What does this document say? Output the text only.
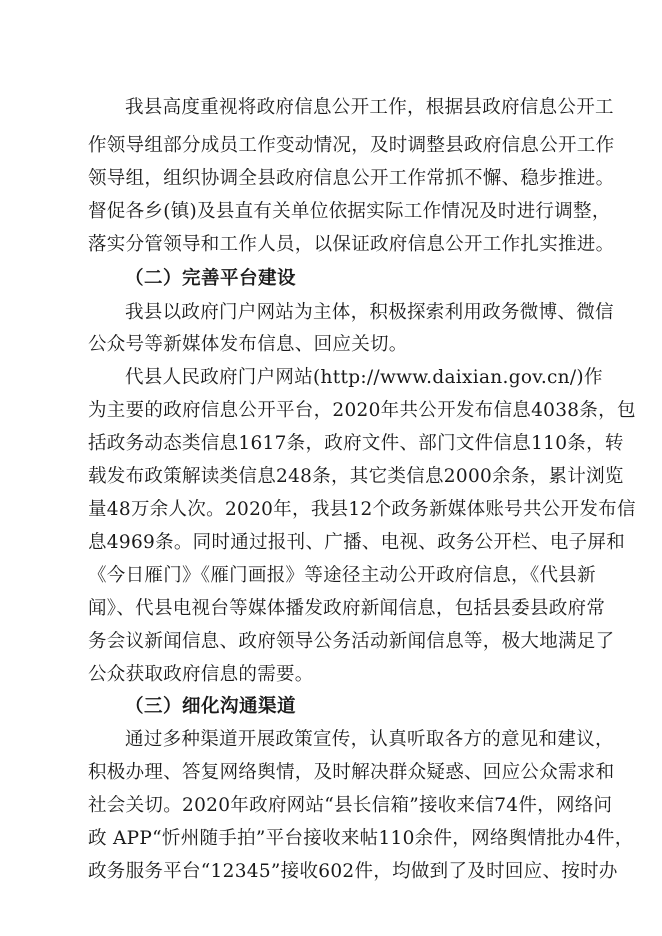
我县高度重视将政府信息公开工作，根据县政府信息公开工
作领导组部分成员工作变动情况，及时调整县政府信息公开工作
领导组，组织协调全县政府信息公开工作常抓不懈、稳步推进。
督促各乡(镇)及县直有关单位依据实际工作情况及时进行调整，
落实分管领导和工作人员，以保证政府信息公开工作扎实推进。
（二）完善平台建设
我县以政府门户网站为主体，积极探索利用政务微博、微信
公众号等新媒体发布信息、回应关切。
代县人民政府门户网站(http://www.daixian.gov.cn/)作
为主要的政府信息公开平台，2020年共公开发布信息4038条，包
括政务动态类信息1617条，政府文件、部门文件信息110条，转
载发布政策解读类信息248条，其它类信息2000余条，累计浏览
量48万余人次。2020年，我县12个政务新媒体账号共公开发布信
息4969条。同时通过报刊、广播、电视、政务公开栏、电子屏和
《今日雁门》《雁门画报》等途径主动公开政府信息，《代县新
闻》、代县电视台等媒体播发政府新闻信息，包括县委县政府常
务会议新闻信息、政府领导公务活动新闻信息等，极大地满足了
公众获取政府信息的需要。
（三）细化沟通渠道
通过多种渠道开展政策宣传，认真听取各方的意见和建议，
积极办理、答复网络舆情，及时解决群众疑惑、回应公众需求和
社会关切。2020年政府网站“县长信箱”接收来信74件，网络问
政 APP“忻州随手拍”平台接收来帖110余件，网络舆情批办4件，
政务服务平台“12345”接收602件，均做到了及时回应、按时办
